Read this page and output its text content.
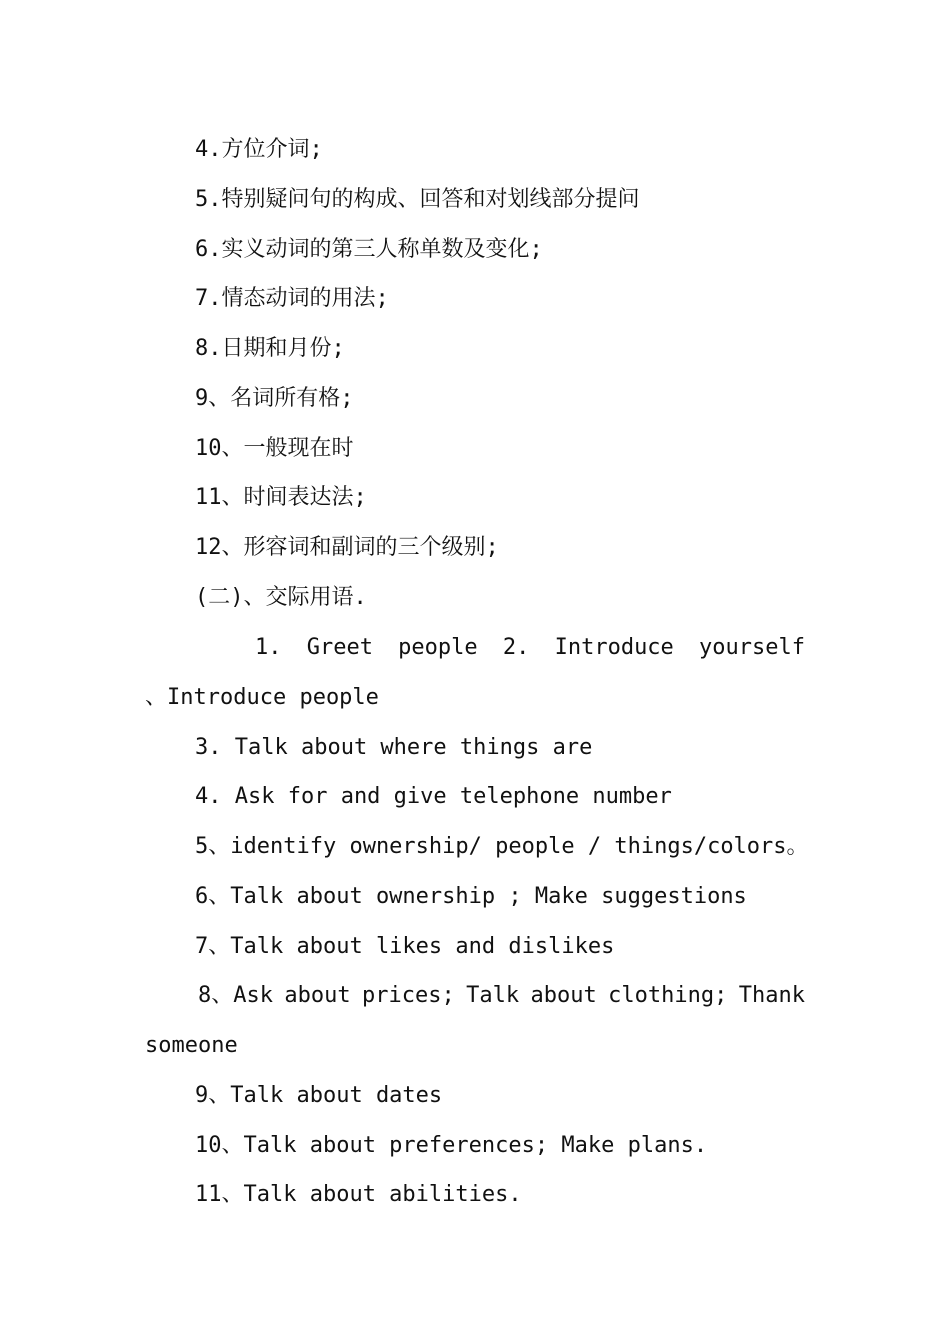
4.方位介词;
5.特别疑问句的构成、回答和对划线部分提问
6.实义动词的第三人称单数及变化;
7.情态动词的用法;
8.日期和月份;
9、名词所有格;
10、一般现在时
11、时间表达法;
12、形容词和副词的三个级别;
(二)、交际用语.
1. Greet people 2. Introduce yourself
、Introduce people
3. Talk about where things are
4. Ask for and give telephone number
5、identify ownership/ people / things/colors。
6、Talk about ownership ; Make suggestions
7、Talk about likes and dislikes
8、Ask about prices; Talk about clothing; Thank
someone
9、Talk about dates
10、Talk about preferences; Make plans.
11、Talk about abilities.
